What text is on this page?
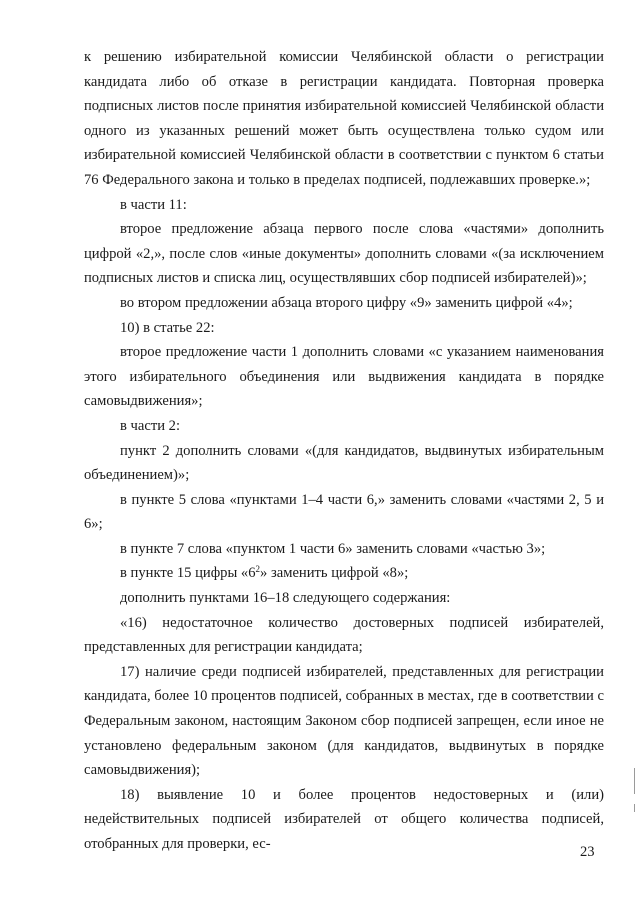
к решению избирательной комиссии Челябинской области о регистрации кандидата либо об отказе в регистрации кандидата. Повторная проверка подписных листов после принятия избирательной комиссией Челябинской области одного из указанных решений может быть осуществлена только судом или избирательной комиссией Челябинской области в соответствии с пунктом 6 статьи 76 Федерального закона и только в пределах подписей, подлежавших проверке.»;

в части 11:

второе предложение абзаца первого после слова «частями» дополнить цифрой «2,», после слов «иные документы» дополнить словами «(за исключением подписных листов и списка лиц, осуществлявших сбор подписей избирателей)»;

во втором предложении абзаца второго цифру «9» заменить цифрой «4»;

10) в статье 22:

второе предложение части 1 дополнить словами «с указанием наименования этого избирательного объединения или выдвижения кандидата в порядке самовыдвижения»;

в части 2:

пункт 2 дополнить словами «(для кандидатов, выдвинутых избирательным объединением)»;

в пункте 5 слова «пунктами 1–4 части 6,» заменить словами «частями 2, 5 и 6»;

в пункте 7 слова «пунктом 1 части 6» заменить словами «частью 3»;

в пункте 15 цифры «$6^2$» заменить цифрой «8»;

дополнить пунктами 16–18 следующего содержания:

«16) недостаточное количество достоверных подписей избирателей, представленных для регистрации кандидата;

17) наличие среди подписей избирателей, представленных для регистрации кандидата, более 10 процентов подписей, собранных в местах, где в соответствии с Федеральным законом, настоящим Законом сбор подписей запрещен, если иное не установлено федеральным законом (для кандидатов, выдвинутых в порядке самовыдвижения);

18) выявление 10 и более процентов недостоверных и (или) недействительных подписей избирателей от общего количества подписей, отобранных для проверки, ес-	23
